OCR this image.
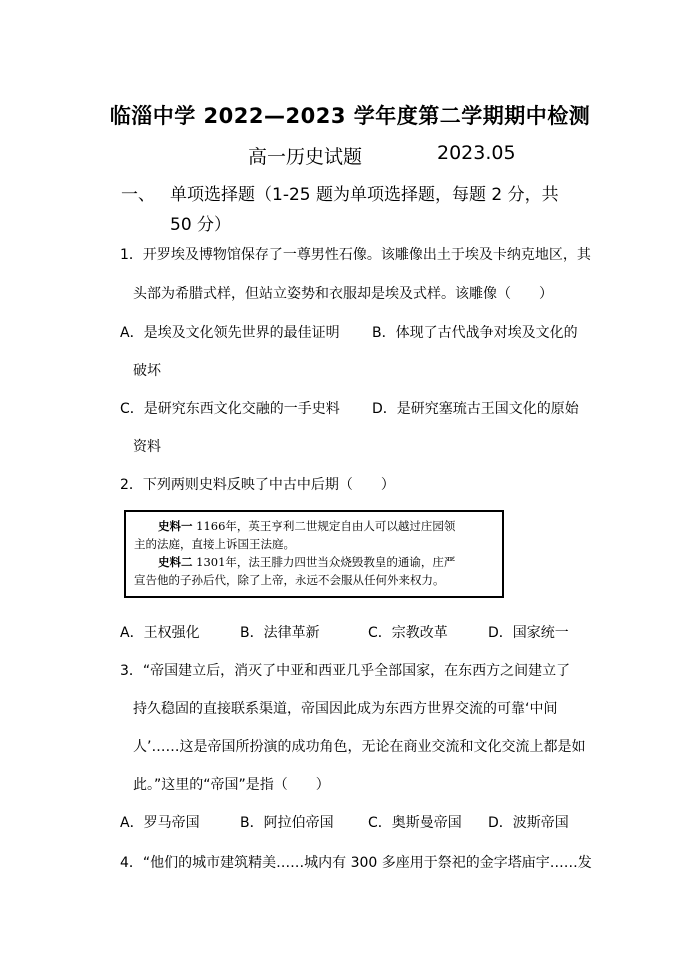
临淄中学 2022—2023 学年度第二学期期中检测
高一历史试题	2023.05
一、 单项选择题（1-25 题为单项选择题，每题 2 分，共
50 分）
1．开罗埃及博物馆保存了一尊男性石像。该雕像出土于埃及卡纳克地区，其
头部为希腊式样，但站立姿势和衣服却是埃及式样。该雕像（　　）
A．是埃及文化领先世界的最佳证明 B．体现了古代战争对埃及文化的
破坏
C．是研究东西文化交融的一手史料 D．是研究塞琉古王国文化的原始
资料
2．下列两则史料反映了中古中后期（　　）

史料一 1166年，英王亨利二世规定自由人可以越过庄园领

主的法庭，直接上诉国王法庭。

史料二 1301年，法王腓力四世当众烧毁教皇的通谕，庄严

宣告他的子孙后代，除了上帝，永远不会服从任何外来权力。

A．王权强化	B．法律革新	C．宗教改革	D．国家统一
3．“帝国建立后，消灭了中亚和西亚几乎全部国家，在东西方之间建立了
持久稳固的直接联系渠道，帝国因此成为东西方世界交流的可靠‘中间
人’……这是帝国所扮演的成功角色，无论在商业交流和文化交流上都是如
此。”这里的“帝国”是指（　　）
A．罗马帝国	B．阿拉伯帝国 C．奥斯曼帝国 D．波斯帝国
4．“他们的城市建筑精美……城内有 300 多座用于祭祀的金字塔庙宇……发
